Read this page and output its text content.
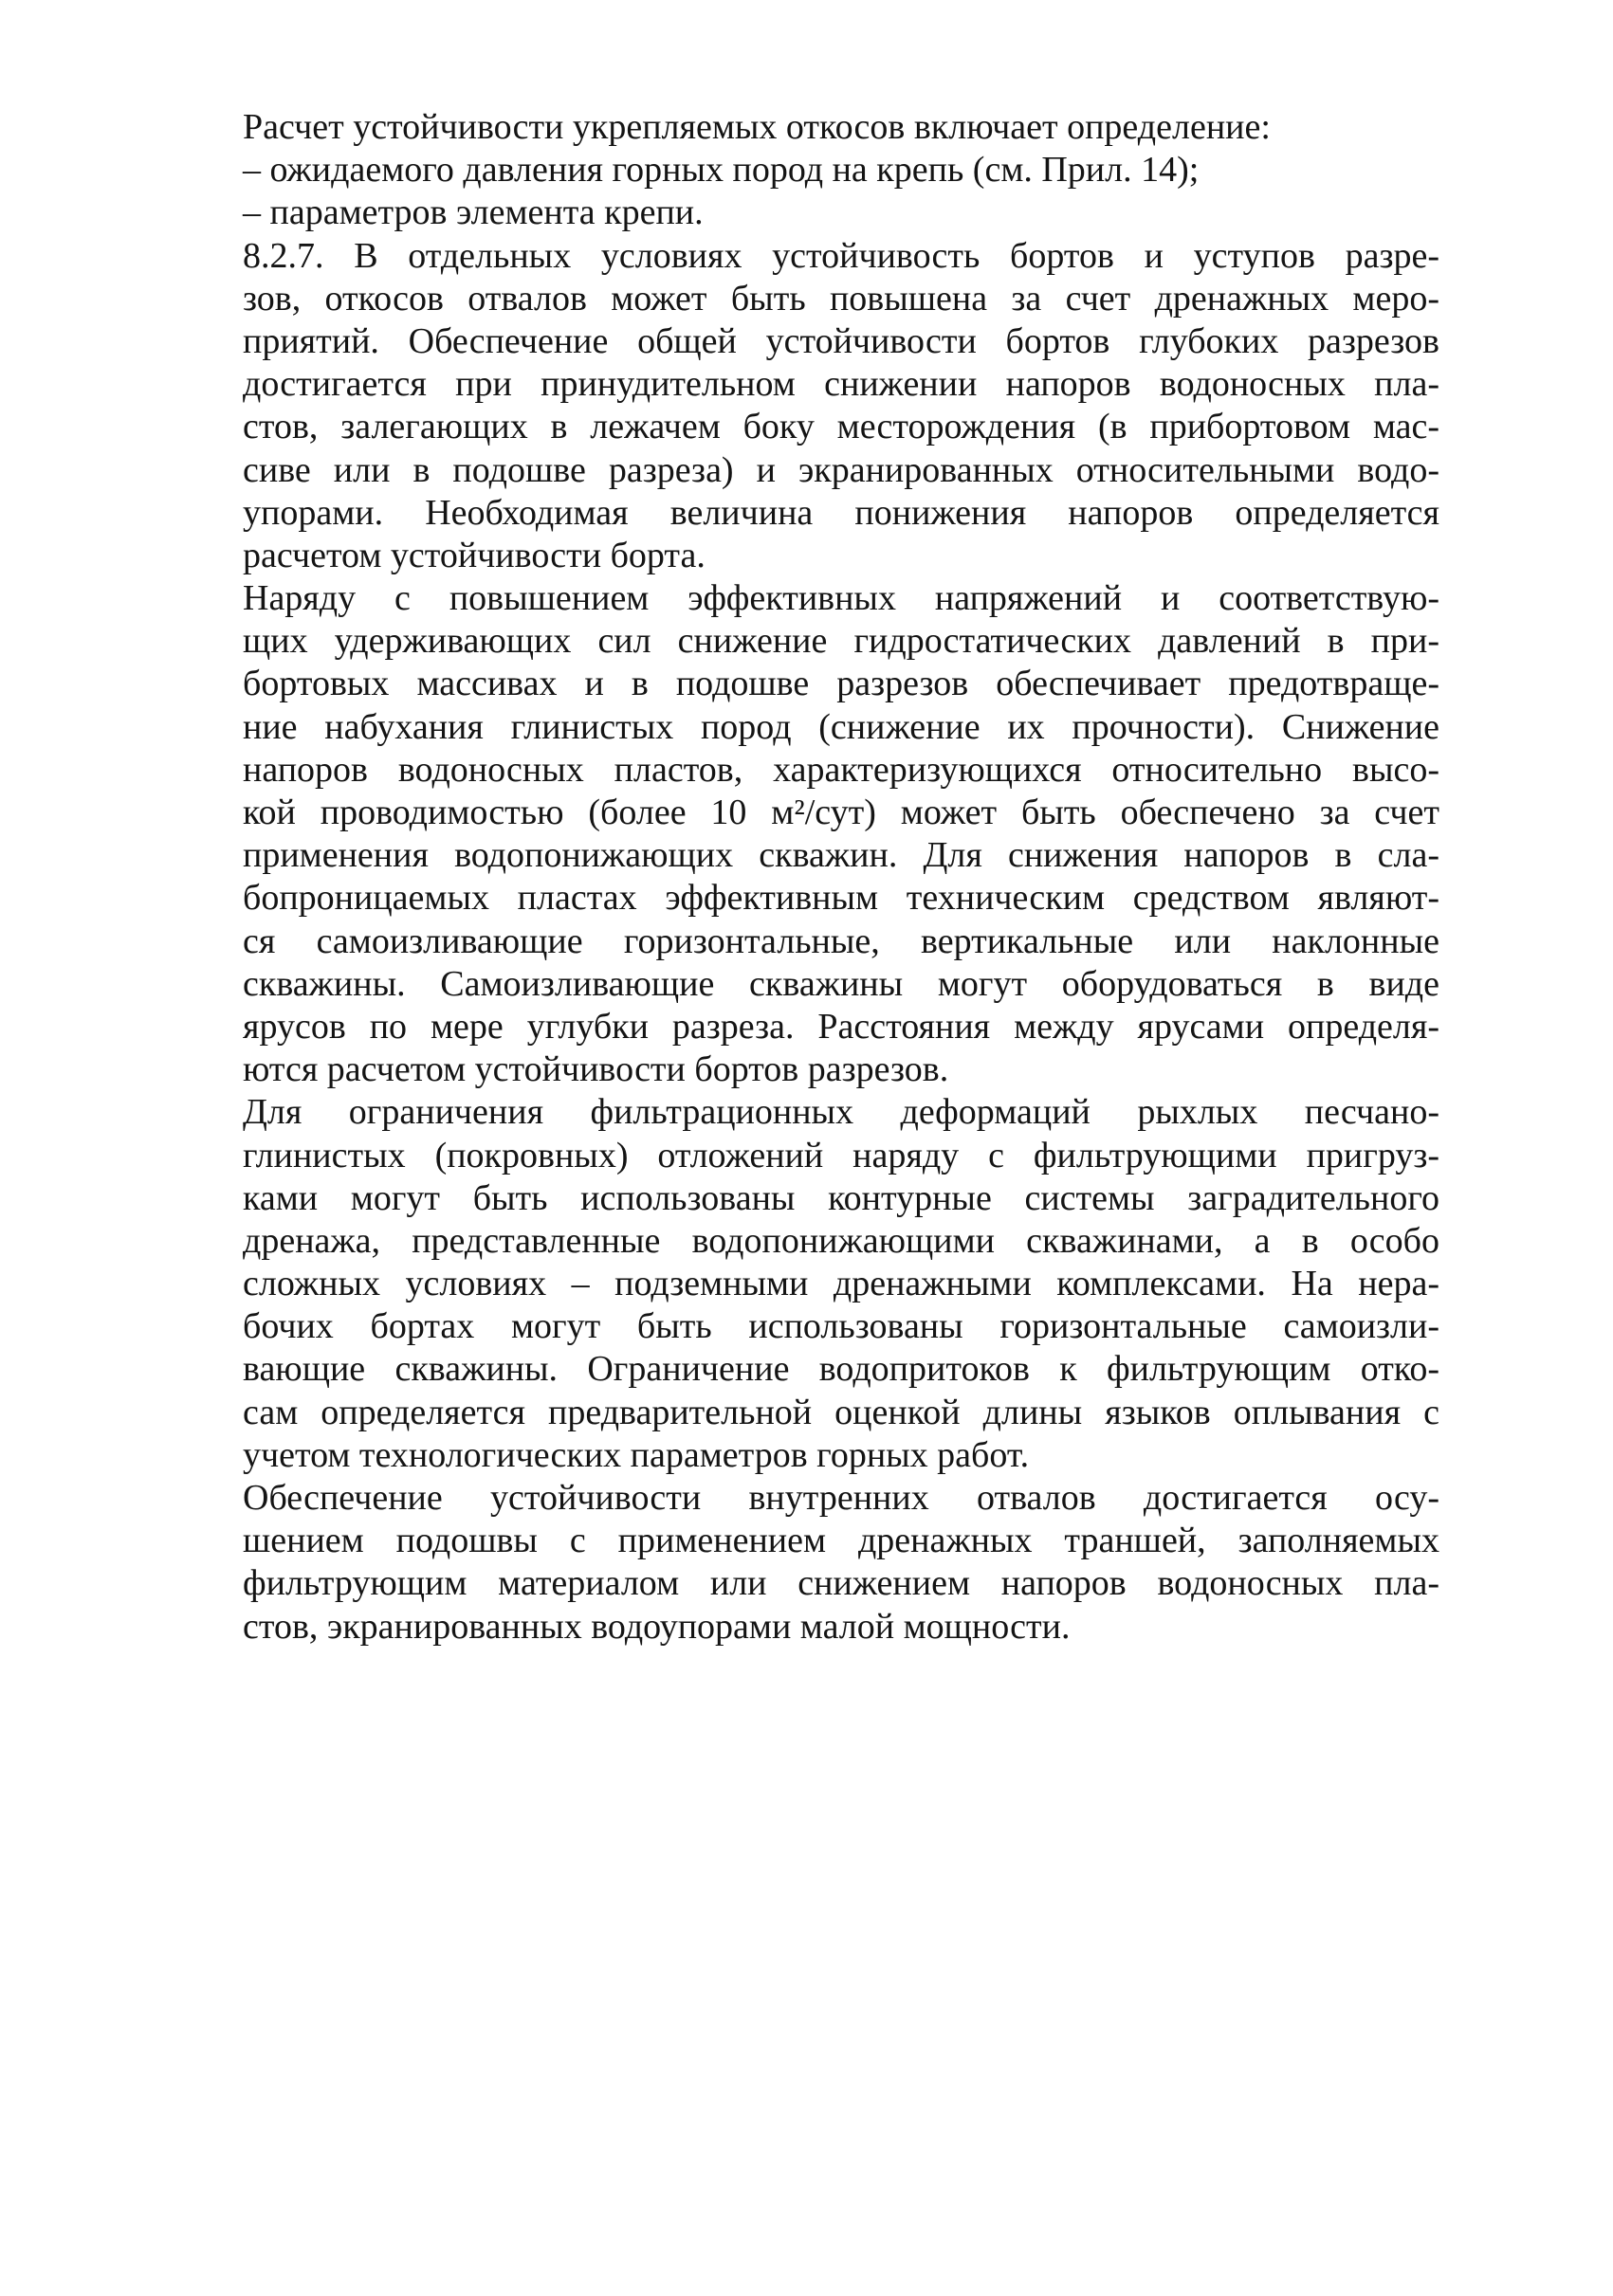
Расчет устойчивости укрепляемых откосов включает определение:
– ожидаемого давления горных пород на крепь (см. Прил. 14);
– параметров элемента крепи.
8.2.7. В отдельных условиях устойчивость бортов и уступов разре-
зов, откосов отвалов может быть повышена за счет дренажных меро-
приятий. Обеспечение общей устойчивости бортов глубоких разрезов
достигается при принудительном снижении напоров водоносных пла-
стов, залегающих в лежачем боку месторождения (в прибортовом мас-
сиве или в подошве разреза) и экранированных относительными водо-
упорами. Необходимая величина понижения напоров определяется
расчетом устойчивости борта.
Наряду с повышением эффективных напряжений и соответствую-
щих удерживающих сил снижение гидростатических давлений в при-
бортовых массивах и в подошве разрезов обеспечивает предотвраще-
ние набухания глинистых пород (снижение их прочности). Снижение
напоров водоносных пластов, характеризующихся относительно высо-
кой проводимостью (более 10 м²/сут) может быть обеспечено за счет
применения водопонижающих скважин. Для снижения напоров в сла-
бопроницаемых пластах эффективным техническим средством являют-
ся самоизливающие горизонтальные, вертикальные или наклонные
скважины. Самоизливающие скважины могут оборудоваться в виде
ярусов по мере углубки разреза. Расстояния между ярусами определя-
ются расчетом устойчивости бортов разрезов.
Для ограничения фильтрационных деформаций рыхлых песчано-
глинистых (покровных) отложений наряду с фильтрующими пригруз-
ками могут быть использованы контурные системы заградительного
дренажа, представленные водопонижающими скважинами, а в особо
сложных условиях – подземными дренажными комплексами. На нера-
бочих бортах могут быть использованы горизонтальные самоизли-
вающие скважины. Ограничение водопритоков к фильтрующим отко-
сам определяется предварительной оценкой длины языков оплывания с
учетом технологических параметров горных работ.
Обеспечение устойчивости внутренних отвалов достигается осу-
шением подошвы с применением дренажных траншей, заполняемых
фильтрующим материалом или снижением напоров водоносных пла-
стов, экранированных водоупорами малой мощности.
